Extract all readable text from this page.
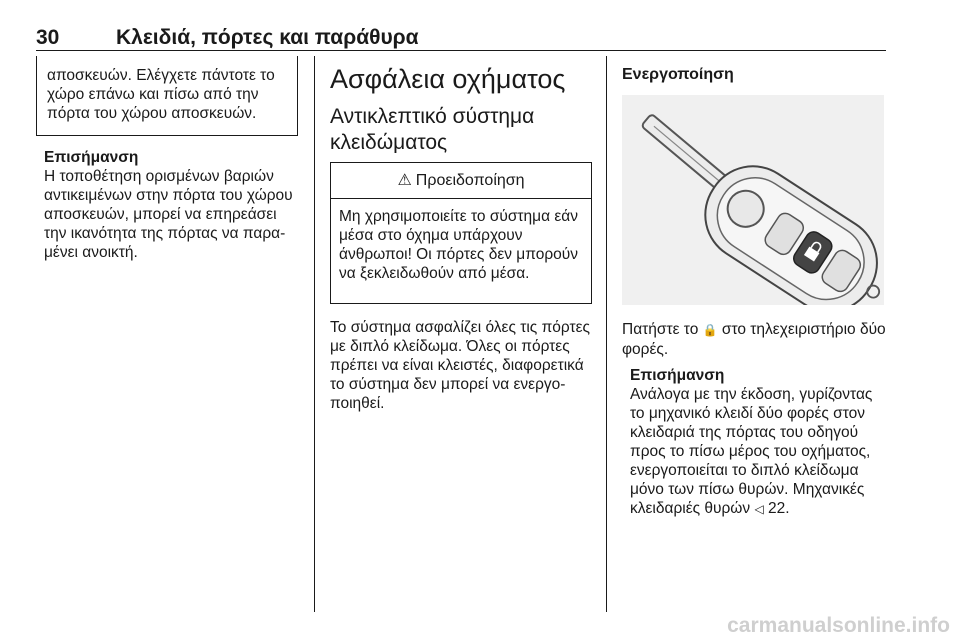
30	Κλειδιά, πόρτες και παράθυρα
αποσκευών. Ελέγχετε πάντοτε το χώρο επάνω και πίσω από την πόρτα του χώρου αποσκευών.

Επισήμανση

Η τοποθέτηση ορισμένων βαριών αντικειμένων στην πόρτα του χώρου αποσκευών, μπορεί να επηρεάσει την ικανότητα της πόρτας να παρα- μένει ανοικτή.

Ασφάλεια οχήματος
Αντικλεπτικό σύστημα κλειδώματος
⚠ Προειδοποίηση
Μη χρησιμοποιείτε το σύστημα εάν μέσα στο όχημα υπάρχουν άνθρωποι! Οι πόρτες δεν μπορούν να ξεκλειδωθούν από μέσα.

Το σύστημα ασφαλίζει όλες τις πόρτες με διπλό κλείδωμα. Όλες οι πόρτες πρέπει να είναι κλειστές, διαφορετικά το σύστημα δεν μπορεί να ενεργο- ποιηθεί.

Ενεργοποίηση

Πατήστε το 🔒 στο τηλεχειριστήριο δύο φορές.

Επισήμανση

Ανάλογα με την έκδοση, γυρίζοντας το μηχανικό κλειδί δύο φορές στον κλειδαριά της πόρτας του οδηγού προς το πίσω μέρος του οχήματος, ενεργοποιείται το διπλό κλείδωμα μόνο των πίσω θυρών. Μηχανικές κλειδαριές θυρών ◁ 22.

carmanualsonline.info
